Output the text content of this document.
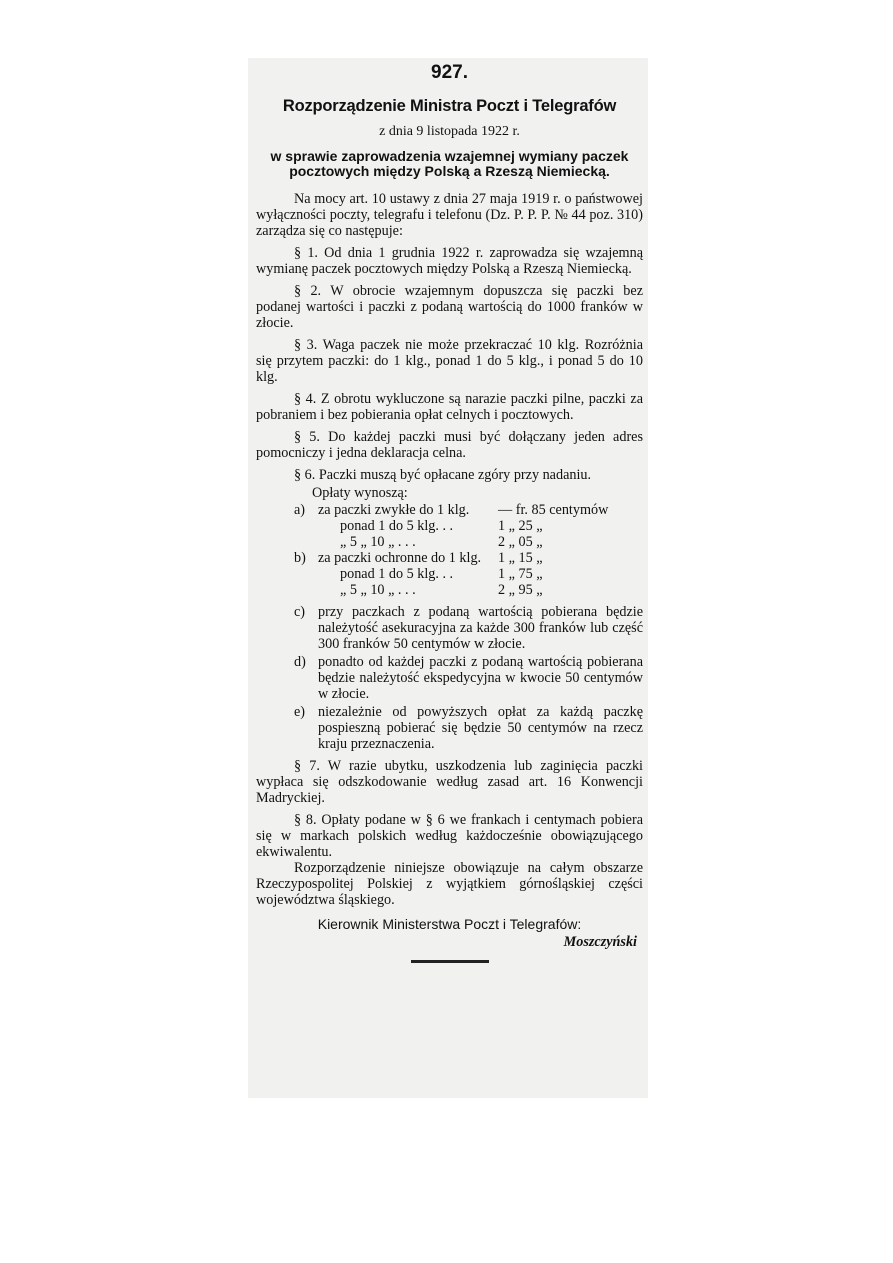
927.
Rozporządzenie Ministra Poczt i Telegrafów
z dnia 9 listopada 1922 r.
w sprawie zaprowadzenia wzajemnej wymiany paczek pocztowych między Polską a Rzeszą Niemiecką.

Na mocy art. 10 ustawy z dnia 27 maja 1919 r. o państwowej wyłączności poczty, telegrafu i telefonu (Dz. P. P. P. № 44 poz. 310) zarządza się co następuje:

§ 1. Od dnia 1 grudnia 1922 r. zaprowadza się wzajemną wymianę paczek pocztowych między Polską a Rzeszą Niemiecką.

§ 2. W obrocie wzajemnym dopuszcza się paczki bez podanej wartości i paczki z podaną wartością do 1000 franków w złocie.

§ 3. Waga paczek nie może przekraczać 10 klg. Rozróżnia się przytem paczki: do 1 klg., ponad 1 do 5 klg., i ponad 5 do 10 klg.

§ 4. Z obrotu wykluczone są narazie paczki pilne, paczki za pobraniem i bez pobierania opłat celnych i pocztowych.

§ 5. Do każdej paczki musi być dołączany jeden adres pomocniczy i jedna deklaracja celna.

§ 6. Paczki muszą być opłacane zgóry przy nadaniu.

Opłaty wynoszą:
a) za paczki zwykłe do 1 klg.	— fr. 85 centymów
ponad 1 do 5 klg. . .	1 „ 25 „
„ 5 „ 10 „ . . .	2 „ 05 „
b) za paczki ochronne do 1 klg.	1 „ 15 „
ponad 1 do 5 klg. . .	1 „ 75 „
„ 5 „ 10 „ . . .	2 „ 95 „
c) przy paczkach z podaną wartością pobierana będzie należytość asekuracyjna za każde 300 franków lub część 300 franków 50 centymów w złocie.
d) ponadto od każdej paczki z podaną wartością pobierana będzie należytość ekspedycyjna w kwocie 50 centymów w złocie.
e) niezależnie od powyższych opłat za każdą paczkę pospieszną pobierać się będzie 50 centymów na rzecz kraju przeznaczenia.

§ 7. W razie ubytku, uszkodzenia lub zaginięcia paczki wypłaca się odszkodowanie według zasad art. 16 Konwencji Madryckiej.

§ 8. Opłaty podane w § 6 we frankach i centymach pobiera się w markach polskich według każdocześnie obowiązującego ekwiwalentu.

Rozporządzenie niniejsze obowiązuje na całym obszarze Rzeczypospolitej Polskiej z wyjątkiem górnośląskiej części województwa śląskiego.

Kierownik Ministerstwa Poczt i Telegrafów:
Moszczyński
